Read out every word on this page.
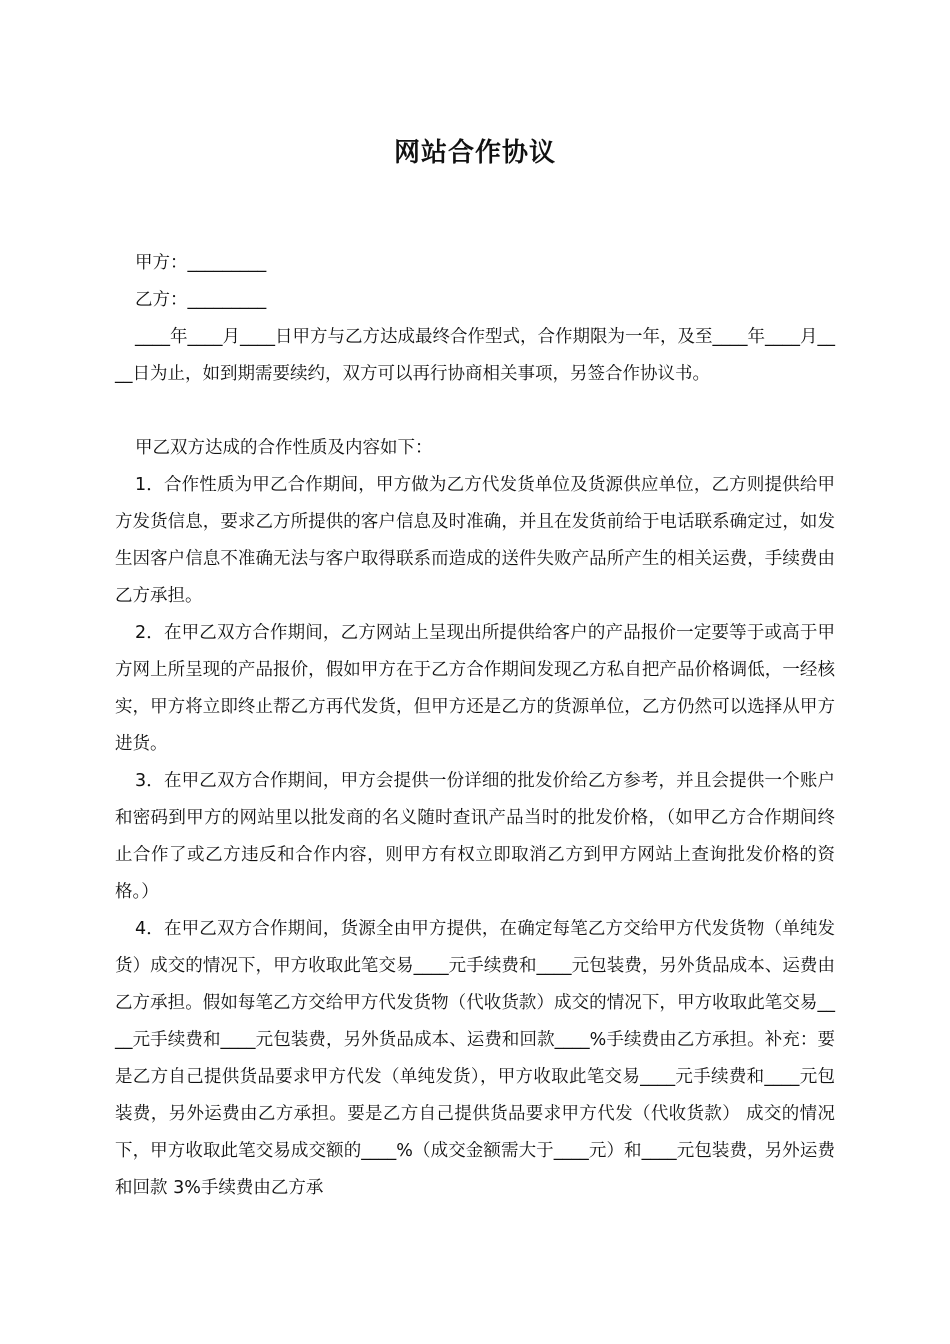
网站合作协议

甲方：_________

乙方：_________

____年____月____日甲方与乙方达成最终合作型式，合作期限为一年，及至____年____月____日为止，如到期需要续约，双方可以再行协商相关事项，另签合作协议书。

甲乙双方达成的合作性质及内容如下：

1．合作性质为甲乙合作期间，甲方做为乙方代发货单位及货源供应单位，乙方则提供给甲方发货信息，要求乙方所提供的客户信息及时准确，并且在发货前给于电话联系确定过，如发生因客户信息不准确无法与客户取得联系而造成的送件失败产品所产生的相关运费，手续费由乙方承担。

2．在甲乙双方合作期间，乙方网站上呈现出所提供给客户的产品报价一定要等于或高于甲方网上所呈现的产品报价，假如甲方在于乙方合作期间发现乙方私自把产品价格调低，一经核实，甲方将立即终止帮乙方再代发货，但甲方还是乙方的货源单位，乙方仍然可以选择从甲方进货。

3．在甲乙双方合作期间，甲方会提供一份详细的批发价给乙方参考，并且会提供一个账户和密码到甲方的网站里以批发商的名义随时查讯产品当时的批发价格，（如甲乙方合作期间终止合作了或乙方违反和合作内容，则甲方有权立即取消乙方到甲方网站上查询批发价格的资格。）

4．在甲乙双方合作期间，货源全由甲方提供，在确定每笔乙方交给甲方代发货物（单纯发货）成交的情况下，甲方收取此笔交易____元手续费和____元包装费，另外货品成本、运费由乙方承担。假如每笔乙方交给甲方代发货物（代收货款）成交的情况下，甲方收取此笔交易____元手续费和____元包装费，另外货品成本、运费和回款____%手续费由乙方承担。补充：要是乙方自己提供货品要求甲方代发（单纯发货），甲方收取此笔交易____元手续费和____元包装费，另外运费由乙方承担。要是乙方自己提供货品要求甲方代发（代收货款） 成交的情况下，甲方收取此笔交易成交额的____%（成交金额需大于____元）和____元包装费，另外运费和回款 3%手续费由乙方承
